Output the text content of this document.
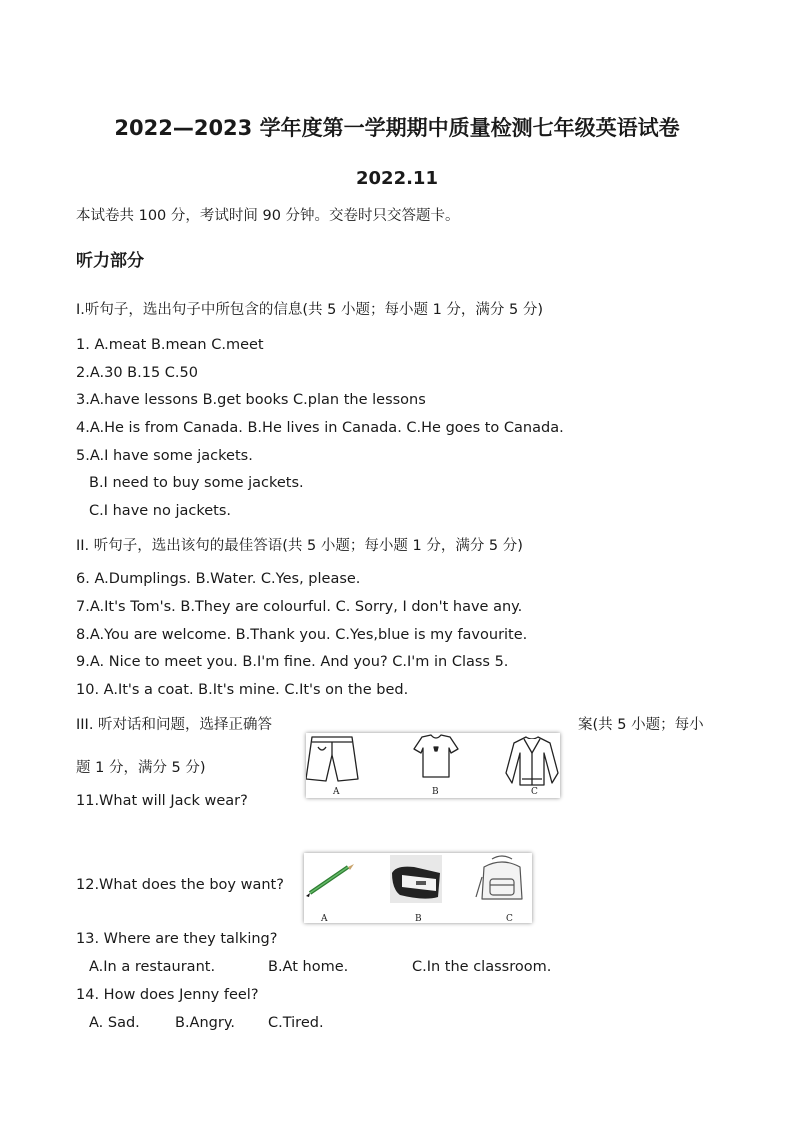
2022—2023 学年度第一学期期中质量检测七年级英语试卷
2022.11
本试卷共 100 分，考试时间 90 分钟。交卷时只交答题卡。
听力部分
I.听句子，选出句子中所包含的信息(共 5 小题；每小题 1 分，满分 5 分)
1. A.meat B.mean C.meet
2.A.30 B.15 C.50
3.A.have lessons B.get books C.plan the lessons
4.A.He is from Canada. B.He lives in Canada. C.He goes to Canada.
5.A.I have some jackets.
B.I need to buy some jackets.
C.I have no jackets.
II. 听句子，选出该句的最佳答语(共 5 小题；每小题 1 分，满分 5 分)
6. A.Dumplings. B.Water. C.Yes, please.
7.A.It's Tom's. B.They are colourful. C. Sorry, I don't have any.
8.A.You are welcome. B.Thank you. C.Yes,blue is my favourite.
9.A. Nice to meet you. B.I'm fine. And you? C.I'm in Class 5.
10. A.It's a coat. B.It's mine. C.It's on the bed.
III. 听对话和问题，选择正确答	案(共 5 小题；每小
题 1 分，满分 5 分)
A	B	C
11.What will Jack wear?
A	B	C
12.What does the boy want?
13. Where are they talking?
A.In a restaurant.	B.At home.	C.In the classroom.
14. How does Jenny feel?
A. Sad. B.Angry. C.Tired.
